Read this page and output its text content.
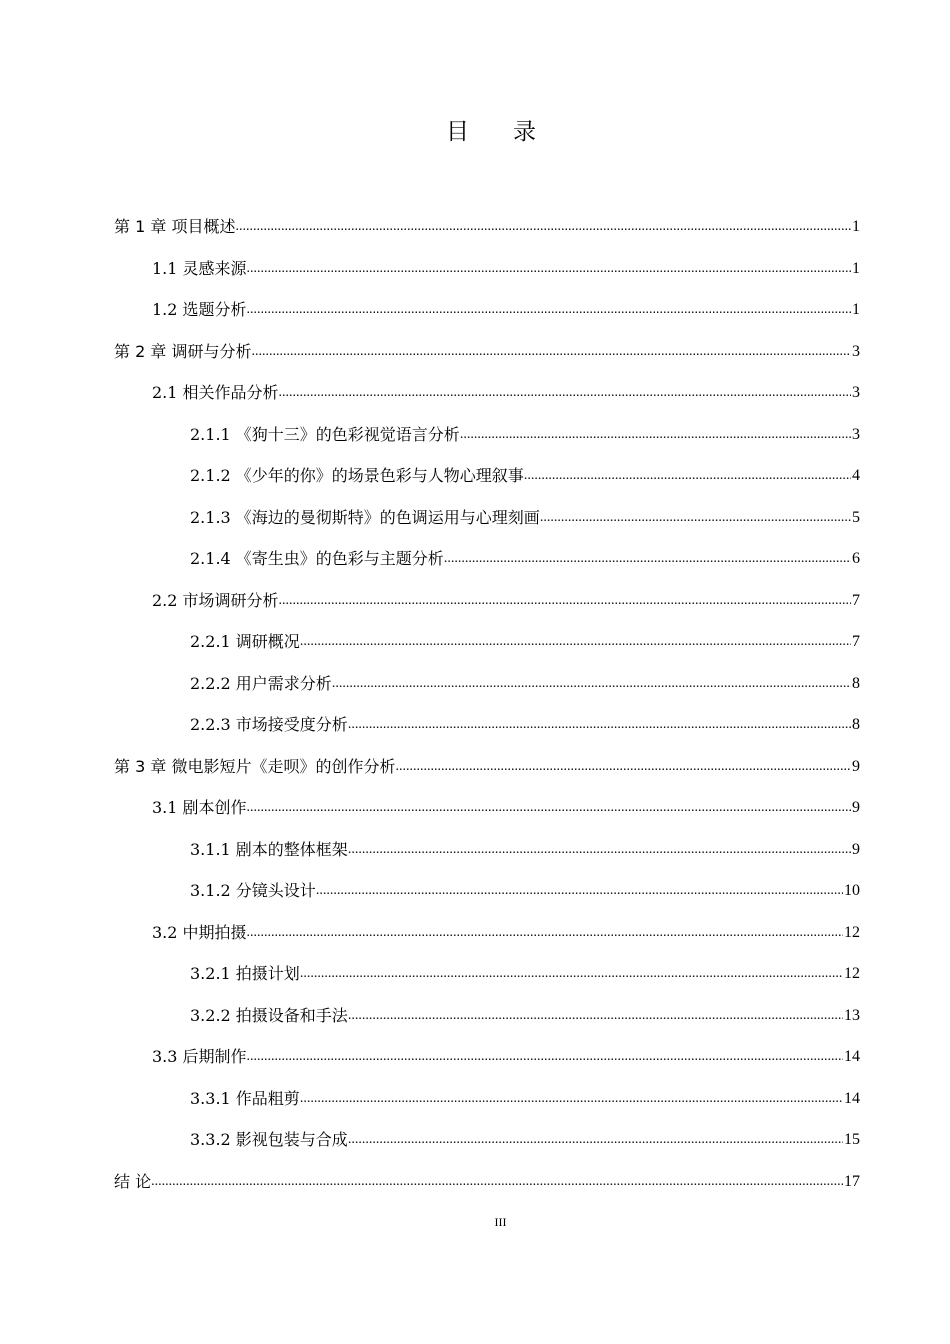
目录
第 1 章 项目概述 .....	1
1.1 灵感来源 .....	1
1.2 选题分析 .....	1
第 2 章 调研与分析 .....	3
2.1 相关作品分析 .....	3
2.1.1 《狗十三》的色彩视觉语言分析 .....	3
2.1.2 《少年的你》的场景色彩与人物心理叙事 .....	4
2.1.3 《海边的曼彻斯特》的色调运用与心理刻画 .....	5
2.1.4 《寄生虫》的色彩与主题分析 .....	6
2.2 市场调研分析 .....	7
2.2.1 调研概况 .....	7
2.2.2 用户需求分析 .....	8
2.2.3 市场接受度分析 .....	8
第 3 章 微电影短片《走呗》的创作分析 .....	9
3.1 剧本创作 .....	9
3.1.1 剧本的整体框架 .....	9
3.1.2 分镜头设计 .....	10
3.2 中期拍摄 .....	12
3.2.1 拍摄计划 .....	12
3.2.2 拍摄设备和手法 .....	13
3.3 后期制作 .....	14
3.3.1 作品粗剪 .....	14
3.3.2 影视包装与合成 .....	15
结 论 .....	17
III
